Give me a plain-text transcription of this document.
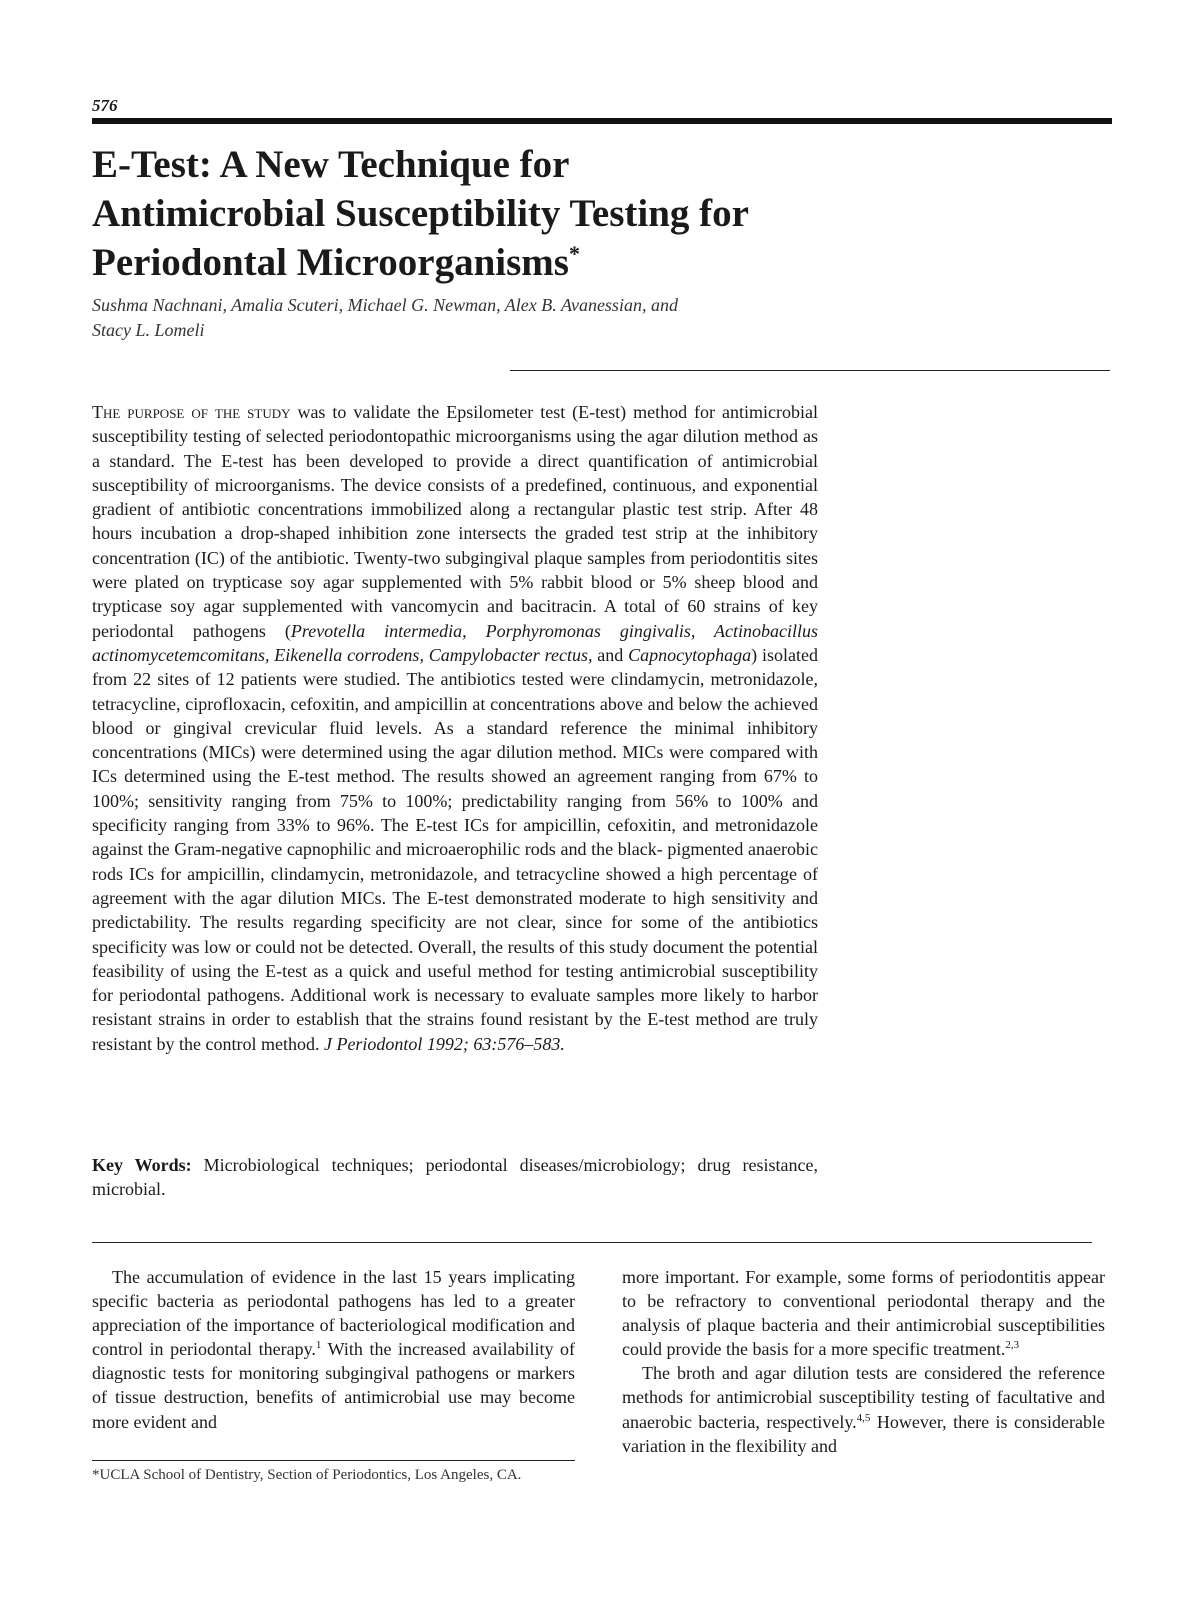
576
E-Test: A New Technique for
Antimicrobial Susceptibility Testing for
Periodontal Microorganisms*
Sushma Nachnani, Amalia Scuteri, Michael G. Newman, Alex B. Avanessian, and
Stacy L. Lomeli
The purpose of the study was to validate the Epsilometer test (E-test) method for antimicrobial susceptibility testing of selected periodontopathic microorganisms using the agar dilution method as a standard. The E-test has been developed to provide a direct quantification of antimicrobial susceptibility of microorganisms. The device consists of a predefined, continuous, and exponential gradient of antibiotic concentrations immobilized along a rectangular plastic test strip. After 48 hours incubation a drop-shaped inhibition zone intersects the graded test strip at the inhibitory concentration (IC) of the antibiotic. Twenty-two subgingival plaque samples from periodontitis sites were plated on trypticase soy agar supplemented with 5% rabbit blood or 5% sheep blood and trypticase soy agar supplemented with vancomycin and bacitracin. A total of 60 strains of key periodontal pathogens (Prevotella intermedia, Porphyromonas gingivalis, Actinobacillus actinomycetemcomitans, Eikenella corrodens, Campylobacter rectus, and Capnocytophaga) isolated from 22 sites of 12 patients were studied. The antibiotics tested were clindamycin, metronidazole, tetracycline, ciprofloxacin, cefoxitin, and ampicillin at concentrations above and below the achieved blood or gingival crevicular fluid levels. As a standard reference the minimal inhibitory concentrations (MICs) were determined using the agar dilution method. MICs were compared with ICs determined using the E-test method. The results showed an agreement ranging from 67% to 100%; sensitivity ranging from 75% to 100%; predictability ranging from 56% to 100% and specificity ranging from 33% to 96%. The E-test ICs for ampicillin, cefoxitin, and metronidazole against the Gram-negative capnophilic and microaerophilic rods and the black- pigmented anaerobic rods ICs for ampicillin, clindamycin, metronidazole, and tetracycline showed a high percentage of agreement with the agar dilution MICs. The E-test demonstrated moderate to high sensitivity and predictability. The results regarding specificity are not clear, since for some of the antibiotics specificity was low or could not be detected. Overall, the results of this study document the potential feasibility of using the E-test as a quick and useful method for testing antimicrobial susceptibility for periodontal pathogens. Additional work is necessary to evaluate samples more likely to harbor resistant strains in order to establish that the strains found resistant by the E-test method are truly resistant by the control method. J Periodontol 1992; 63:576–583.
Key Words: Microbiological techniques; periodontal diseases/microbiology; drug resistance, microbial.

The accumulation of evidence in the last 15 years implicating specific bacteria as periodontal pathogens has led to a greater appreciation of the importance of bacteriological modification and control in periodontal therapy.$^1$ With the increased availability of diagnostic tests for monitoring subgingival pathogens or markers of tissue destruction, benefits of antimicrobial use may become more evident and

*UCLA School of Dentistry, Section of Periodontics, Los Angeles, CA.

more important. For example, some forms of periodontitis appear to be refractory to conventional periodontal therapy and the analysis of plaque bacteria and their antimicrobial susceptibilities could provide the basis for a more specific treatment.$^{2,3}$

The broth and agar dilution tests are considered the reference methods for antimicrobial susceptibility testing of facultative and anaerobic bacteria, respectively.$^{4,5}$ However, there is considerable variation in the flexibility and
